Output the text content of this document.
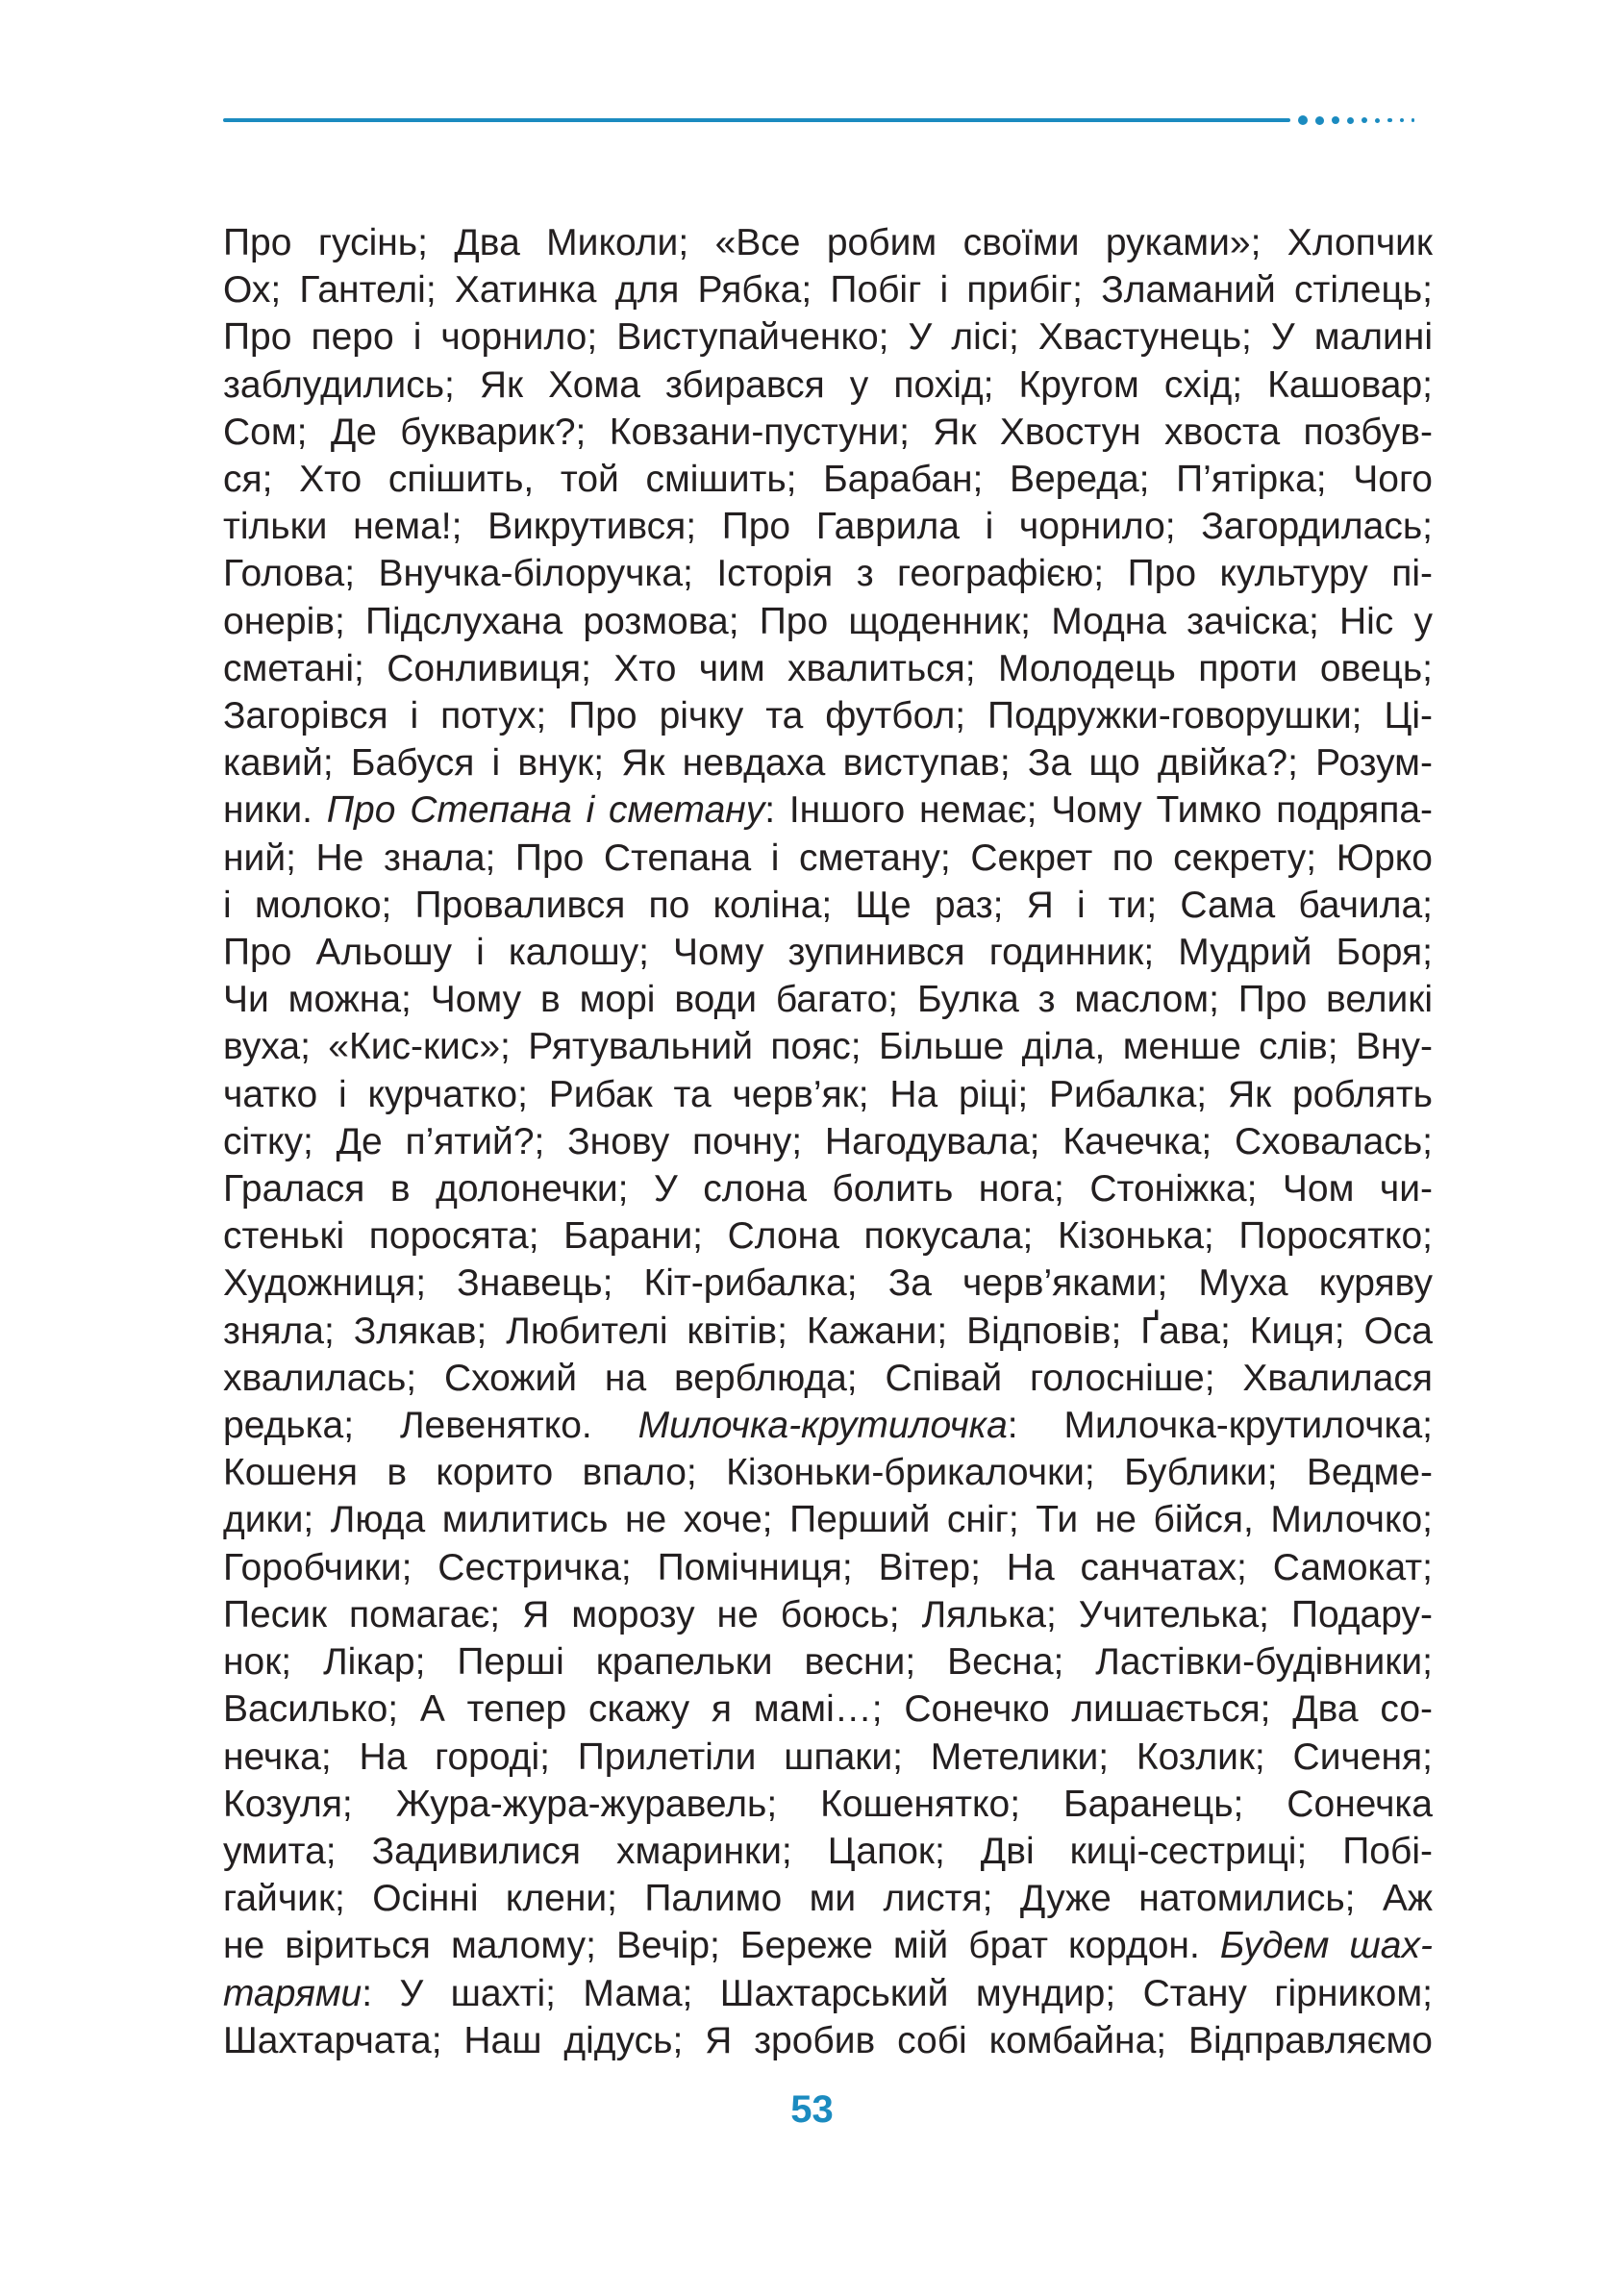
Про гусінь; Два Миколи; «Все робим своїми руками»; Хлопчик
Ох; Гантелі; Хатинка для Рябка; Побіг і прибіг; Зламаний стілець;
Про перо і чорнило; Виступайченко; У лісі; Хвастунець; У малині
заблудились; Як Хома збирався у похід; Кругом схід; Кашовар;
Сом; Де букварик?; Ковзани-пустуни; Як Хвостун хвоста позбув-
ся; Хто спішить, той смішить; Барабан; Вереда; П’ятірка; Чого
тільки нема!; Викрутився; Про Гаврила і чорнило; Загордилась;
Голова; Внучка-білоручка; Історія з географією; Про культуру пі-
онерів; Підслухана розмова; Про щоденник; Модна зачіска; Ніс у
сметані; Сонливиця; Хто чим хвалиться; Молодець проти овець;
Загорівся і потух; Про річку та футбол; Подружки-говорушки; Ці-
кавий; Бабуся і внук; Як невдаха виступав; За що двійка?; Розум-
ники. Про Степана і сметану: Іншого немає; Чому Тимко подряпа-
ний; Не знала; Про Степана і сметану; Секрет по секрету; Юрко
і молоко; Провалився по коліна; Ще раз; Я і ти; Сама бачила;
Про Альошу і калошу; Чому зупинився годинник; Мудрий Боря;
Чи можна; Чому в морі води багато; Булка з маслом; Про великі
вуха; «Кис-кис»; Рятувальний пояс; Більше діла, менше слів; Вну-
чатко і курчатко; Рибак та черв’як; На ріці; Рибалка; Як роблять
сітку; Де п’ятий?; Знову почну; Нагодувала; Качечка; Сховалась;
Гралася в долонечки; У слона болить нога; Стоніжка; Чом чи-
стенькі поросята; Барани; Слона покусала; Кізонька; Поросятко;
Художниця; Знавець; Кіт-рибалка; За черв’яками; Муха куряву
зняла; Злякав; Любителі квітів; Кажани; Відповів; Ґава; Киця; Оса
хвалилась; Схожий на верблюда; Співай голосніше; Хвалилася
редька; Левенятко. Милочка-крутилочка: Милочка-крутилочка;
Кошеня в корито впало; Кізоньки-брикалочки; Бублики; Ведме-
дики; Люда милитись не хоче; Перший сніг; Ти не бійся, Милочко;
Горобчики; Сестричка; Помічниця; Вітер; На санчатах; Самокат;
Песик помагає; Я морозу не боюсь; Лялька; Учителька; Подару-
нок; Лікар; Перші крапельки весни; Весна; Ластівки-будівники;
Василько; А тепер скажу я мамі…; Сонечко лишається; Два со-
нечка; На городі; Прилетіли шпаки; Метелики; Козлик; Сиченя;
Козуля; Жура-жура-журавель; Кошенятко; Баранець; Сонечка
умита; Задивилися хмаринки; Цапок; Дві киці-сестриці; Побі-
гайчик; Осінні клени; Палимо ми листя; Дуже натомились; Аж
не віриться малому; Вечір; Береже мій брат кордон. Будем шах-
тарями: У шахті; Мама; Шахтарський мундир; Стану гірником;
Шахтарчата; Наш дідусь; Я зробив собі комбайна; Відправляємо
53
